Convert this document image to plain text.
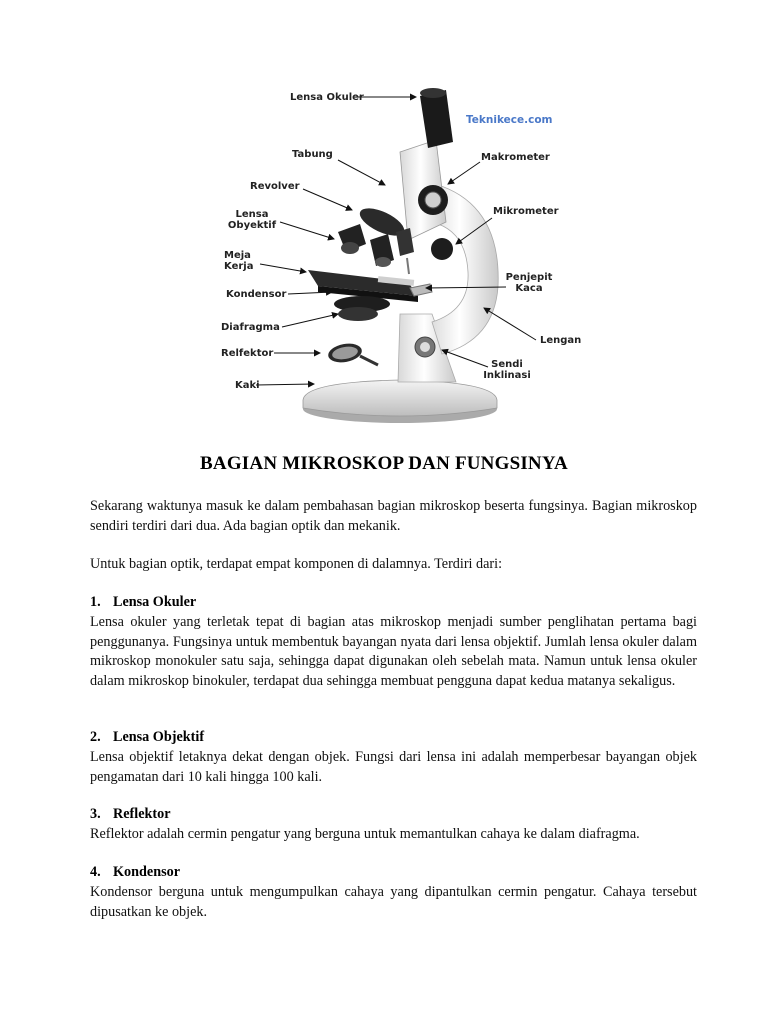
Teknikece.com
Lensa Okuler
Tabung
Revolver
Lensa
Obyektif
Meja
Kerja
Kondensor
Diafragma
Relfektor
Kaki
Makrometer
Mikrometer
Penjepit
Kaca
Lengan
Sendi
Inklinasi
BAGIAN MIKROSKOP DAN FUNGSINYA

Sekarang waktunya masuk ke dalam pembahasan bagian mikroskop beserta fungsinya. Bagian mikroskop sendiri terdiri dari dua. Ada bagian optik dan mekanik.

Untuk bagian optik, terdapat empat komponen di dalamnya. Terdiri dari:

1. Lensa Okuler

Lensa okuler yang terletak tepat di bagian atas mikroskop menjadi sumber penglihatan pertama bagi penggunanya. Fungsinya untuk membentuk bayangan nyata dari lensa objektif. Jumlah lensa okuler dalam mikroskop monokuler satu saja, sehingga dapat digunakan oleh sebelah mata. Namun untuk lensa okuler dalam mikroskop binokuler, terdapat dua sehingga membuat pengguna dapat kedua matanya sekaligus.

2. Lensa Objektif

Lensa objektif letaknya dekat dengan objek. Fungsi dari lensa ini adalah memperbesar bayangan objek pengamatan dari 10 kali hingga 100 kali.

3. Reflektor

Reflektor adalah cermin pengatur yang berguna untuk memantulkan cahaya ke dalam diafragma.

4. Kondensor

Kondensor berguna untuk mengumpulkan cahaya yang dipantulkan cermin pengatur. Cahaya tersebut dipusatkan ke objek.
